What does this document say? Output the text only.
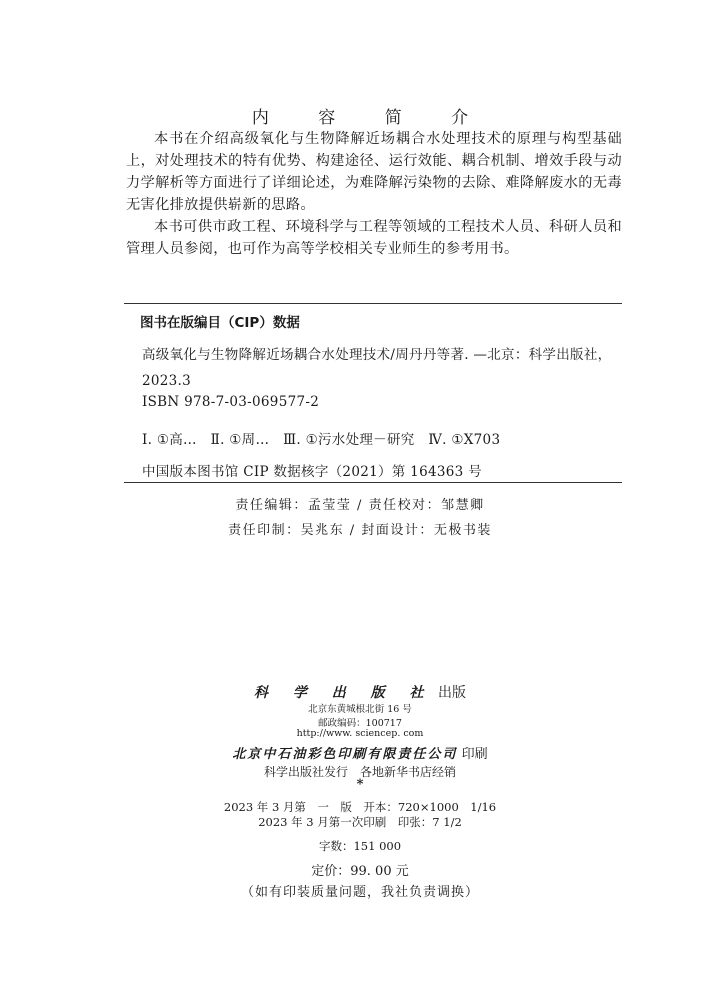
内 容 简 介

本书在介绍高级氧化与生物降解近场耦合水处理技术的原理与构型基础上，对处理技术的特有优势、构建途径、运行效能、耦合机制、增效手段与动力学解析等方面进行了详细论述，为难降解污染物的去除、难降解废水的无毒无害化排放提供崭新的思路。

本书可供市政工程、环境科学与工程等领域的工程技术人员、科研人员和管理人员参阅，也可作为高等学校相关专业师生的参考用书。

图书在版编目（CIP）数据
高级氧化与生物降解近场耦合水处理技术/周丹丹等著. —北京：科学出版社，2023.3
ISBN 978-7-03-069577-2
Ⅰ. ①高…　Ⅱ. ①周…　Ⅲ. ①污水处理－研究　Ⅳ. ①X703
中国版本图书馆 CIP 数据核字（2021）第 164363 号
责任编辑：孟莹莹 / 责任校对：邹慧卿
责任印制：吴兆东 / 封面设计：无极书装
科 学 出 版 社 出版
北京东黄城根北街 16 号
邮政编码：100717
http://www. sciencep. com
北京中石油彩色印刷有限责任公司 印刷
科学出版社发行　各地新华书店经销
*
2023 年 3 月第　一　版　开本：720×1000　1/16
2023 年 3 月第一次印刷　印张：7 1/2
字数：151 000
定价：99. 00 元
（如有印装质量问题，我社负责调换）
